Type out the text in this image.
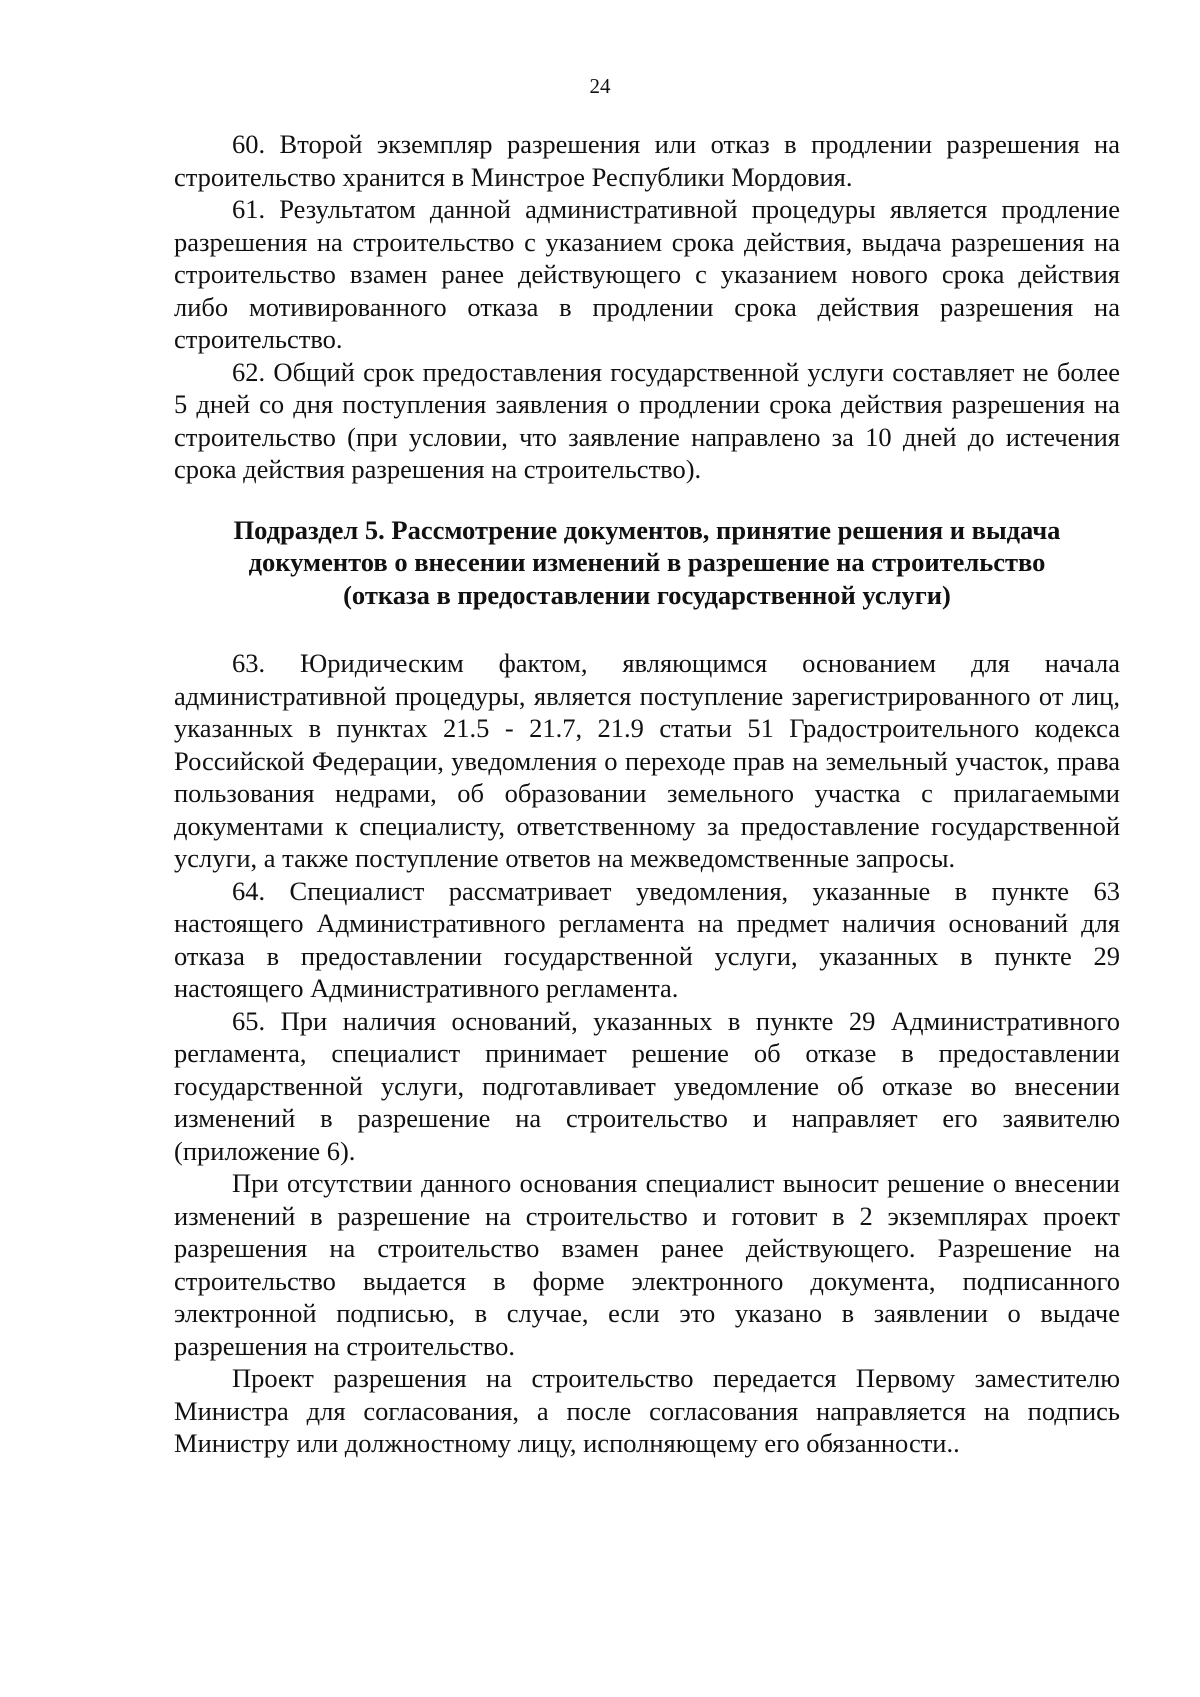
24

60. Второй экземпляр разрешения или отказ в продлении разрешения на строительство хранится в Минстрое Республики Мордовия.

61. Результатом данной административной процедуры является продление разрешения на строительство с указанием срока действия, выдача разрешения на строительство взамен ранее действующего с указанием нового срока действия либо мотивированного отказа в продлении срока действия разрешения на строительство.

62. Общий срок предоставления государственной услуги составляет не более 5 дней со дня поступления заявления о продлении срока действия разрешения на строительство (при условии, что заявление направлено за 10 дней до истечения срока действия разрешения на строительство).

Подраздел 5. Рассмотрение документов, принятие решения и выдача
документов о внесении изменений в разрешение на строительство
(отказа в предоставлении государственной услуги)

63. Юридическим фактом, являющимся основанием для начала административной процедуры, является поступление зарегистрированного от лиц, указанных в пунктах 21.5 - 21.7, 21.9 статьи 51 Градостроительного кодекса Российской Федерации, уведомления о переходе прав на земельный участок, права пользования недрами, об образовании земельного участка с прилагаемыми документами к специалисту, ответственному за предоставление государственной услуги, а также поступление ответов на межведомственные запросы.

64. Специалист рассматривает уведомления, указанные в пункте 63 настоящего Административного регламента на предмет наличия оснований для отказа в предоставлении государственной услуги, указанных в пункте 29 настоящего Административного регламента.

65. При наличия оснований, указанных в пункте 29 Административного регламента, специалист принимает решение об отказе в предоставлении государственной услуги, подготавливает уведомление об отказе во внесении изменений в разрешение на строительство и направляет его заявителю (приложение 6).

При отсутствии данного основания специалист выносит решение о внесении изменений в разрешение на строительство и готовит в 2 экземплярах проект разрешения на строительство взамен ранее действующего. Разрешение на строительство выдается в форме электронного документа, подписанного электронной подписью, в случае, если это указано в заявлении о выдаче разрешения на строительство.

Проект разрешения на строительство передается Первому заместителю Министра для согласования, а после согласования направляется на подпись Министру или должностному лицу, исполняющему его обязанности..
